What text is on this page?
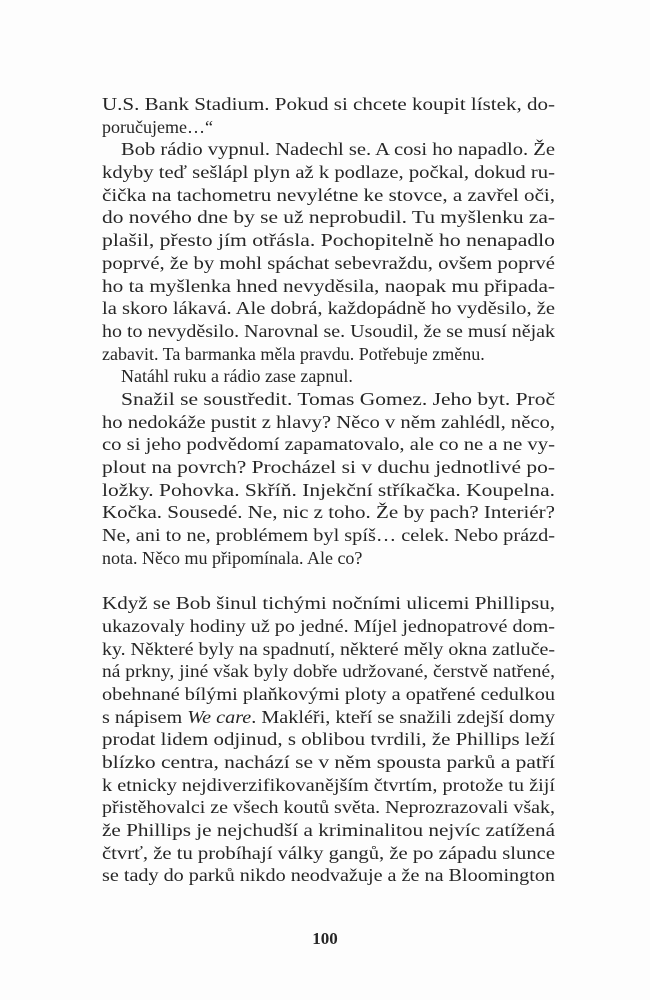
U.S. Bank Stadium. Pokud si chcete koupit lístek, do-
poručujeme…“
Bob rádio vypnul. Nadechl se. A cosi ho napadlo. Že
kdyby teď sešlápl plyn až k podlaze, počkal, dokud ru-
čička na tachometru nevylétne ke stovce, a zavřel oči,
do nového dne by se už neprobudil. Tu myšlenku za-
plašil, přesto jím otřásla. Pochopitelně ho nenapadlo
poprvé, že by mohl spáchat sebevraždu, ovšem poprvé
ho ta myšlenka hned nevyděsila, naopak mu připada-
la skoro lákavá. Ale dobrá, každopádně ho vyděsilo, že
ho to nevyděsilo. Narovnal se. Usoudil, že se musí nějak
zabavit. Ta barmanka měla pravdu. Potřebuje změnu.
Natáhl ruku a rádio zase zapnul.
Snažil se soustředit. Tomas Gomez. Jeho byt. Proč
ho nedokáže pustit z hlavy? Něco v něm zahlédl, něco,
co si jeho podvědomí zapamatovalo, ale co ne a ne vy-
plout na povrch? Procházel si v duchu jednotlivé po-
ložky. Pohovka. Skříň. Injekční stříkačka. Koupelna.
Kočka. Sousedé. Ne, nic z toho. Že by pach? Interiér?
Ne, ani to ne, problémem byl spíš… celek. Nebo prázd-
nota. Něco mu připomínala. Ale co?
Když se Bob šinul tichými nočními ulicemi Phillipsu,
ukazovaly hodiny už po jedné. Míjel jednopatrové dom-
ky. Některé byly na spadnutí, některé měly okna zatluče-
ná prkny, jiné však byly dobře udržované, čerstvě natřené,
obehnané bílými plaňkovými ploty a opatřené cedulkou
s nápisem We care. Makléři, kteří se snažili zdejší domy
prodat lidem odjinud, s oblibou tvrdili, že Phillips leží
blízko centra, nachází se v něm spousta parků a patří
k etnicky nejdiverzifikovanějším čtvrtím, protože tu žijí
přistěhovalci ze všech koutů světa. Neprozrazovali však,
že Phillips je nejchudší a kriminalitou nejvíc zatížená
čtvrť, že tu probíhají války gangů, že po západu slunce
se tady do parků nikdo neodvažuje a že na Bloomington
100
